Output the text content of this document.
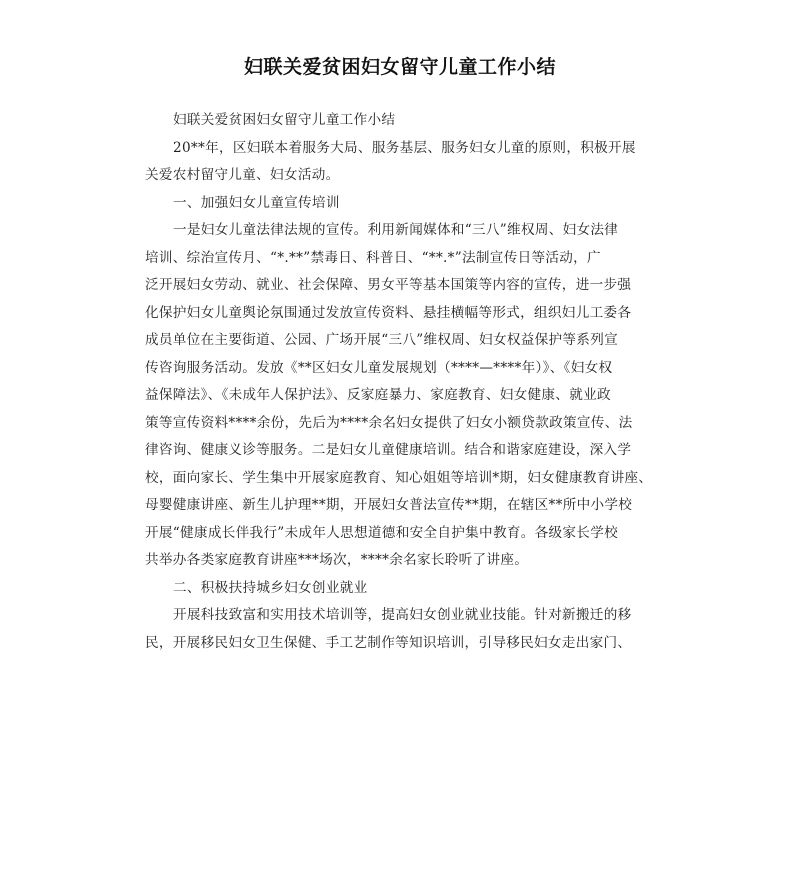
妇联关爱贫困妇女留守儿童工作小结
妇联关爱贫困妇女留守儿童工作小结
20**年，区妇联本着服务大局、服务基层、服务妇女儿童的原则，积极开展
关爱农村留守儿童、妇女活动。
一、加强妇女儿童宣传培训
一是妇女儿童法律法规的宣传。利用新闻媒体和“三八”维权周、妇女法律
培训、综治宣传月、“*.**”禁毒日、科普日、“**.*”法制宣传日等活动，广
泛开展妇女劳动、就业、社会保障、男女平等基本国策等内容的宣传，进一步强
化保护妇女儿童舆论氛围通过发放宣传资料、悬挂横幅等形式，组织妇儿工委各
成员单位在主要街道、公园、广场开展“三八”维权周、妇女权益保护等系列宣
传咨询服务活动。发放《**区妇女儿童发展规划（****—****年）》、《妇女权
益保障法》、《未成年人保护法》、反家庭暴力、家庭教育、妇女健康、就业政
策等宣传资料****余份，先后为****余名妇女提供了妇女小额贷款政策宣传、法
律咨询、健康义诊等服务。二是妇女儿童健康培训。结合和谐家庭建设，深入学
校，面向家长、学生集中开展家庭教育、知心姐姐等培训*期，妇女健康教育讲座、
母婴健康讲座、新生儿护理**期，开展妇女普法宣传**期，在辖区**所中小学校
开展“健康成长伴我行”未成年人思想道德和安全自护集中教育。各级家长学校
共举办各类家庭教育讲座***场次，****余名家长聆听了讲座。
二、积极扶持城乡妇女创业就业
开展科技致富和实用技术培训等，提高妇女创业就业技能。针对新搬迁的移
民，开展移民妇女卫生保健、手工艺制作等知识培训，引导移民妇女走出家门、
